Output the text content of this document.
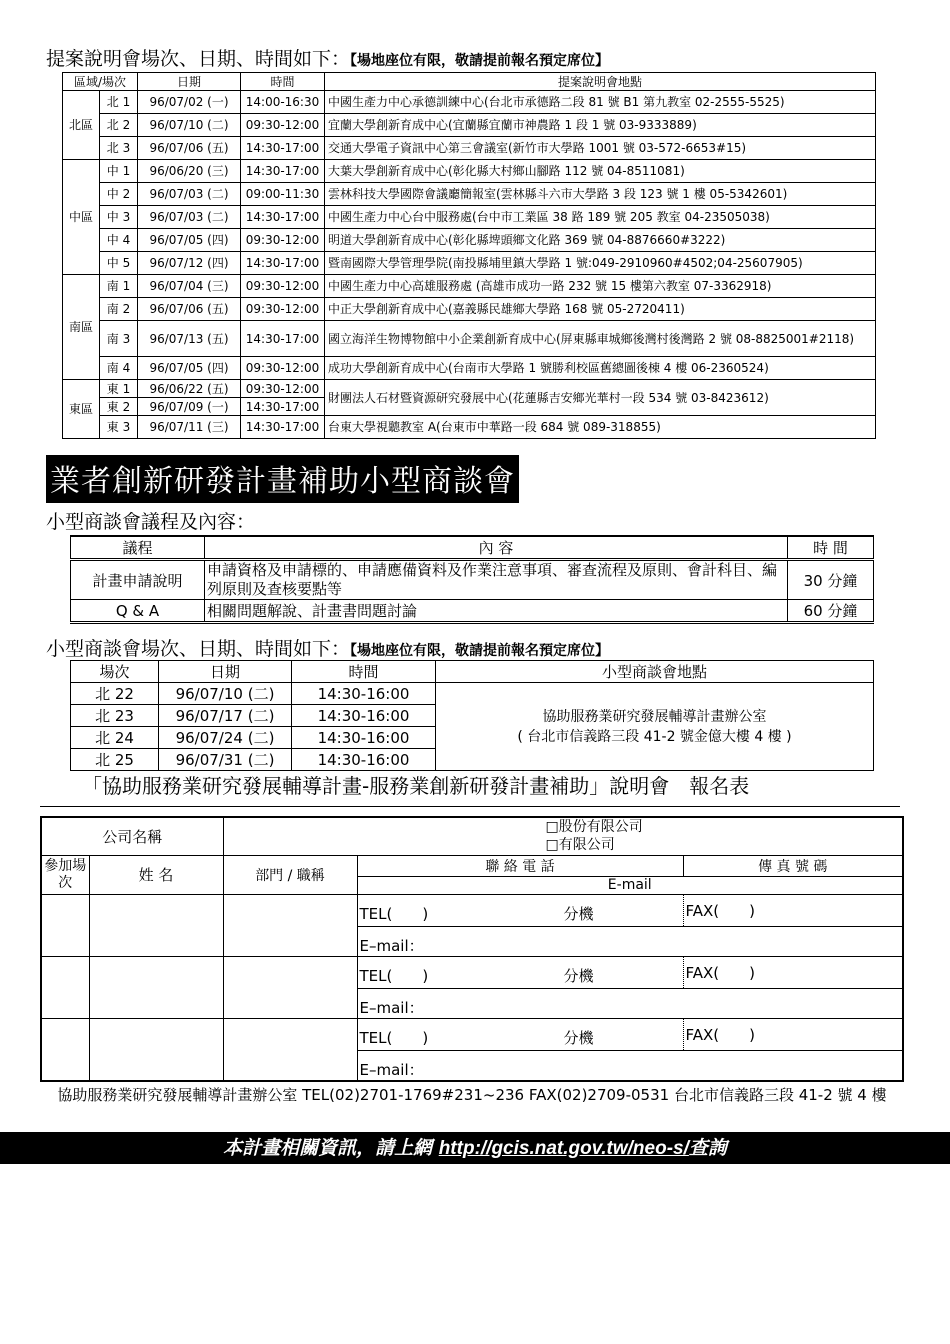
提案說明會場次、日期、時間如下：【場地座位有限，敬請提前報名預定席位】
區域/場次		日期	時間	提案說明會地點
北區	北 1	96/07/02 (一)	14:00-16:30	中國生產力中心承德訓練中心(台北市承德路二段 81 號 B1 第九教室 02-2555-5525)
	北 2	96/07/10 (二)	09:30-12:00	宜蘭大學創新育成中心(宜蘭縣宜蘭市神農路 1 段 1 號 03-9333889)
	北 3	96/07/06 (五)	14:30-17:00	交通大學電子資訊中心第三會議室(新竹市大學路 1001 號 03-572-6653#15)
中區	中 1	96/06/20 (三)	14:30-17:00	大葉大學創新育成中心(彰化縣大村鄉山腳路 112 號 04-8511081)
	中 2	96/07/03 (二)	09:00-11:30	雲林科技大學國際會議廳簡報室(雲林縣斗六市大學路 3 段 123 號 1 樓 05-5342601)
	中 3	96/07/03 (二)	14:30-17:00	中國生產力中心台中服務處(台中市工業區 38 路 189 號 205 教室 04-23505038)
	中 4	96/07/05 (四)	09:30-12:00	明道大學創新育成中心(彰化縣埤頭鄉文化路 369 號 04-8876660#3222)
	中 5	96/07/12 (四)	14:30-17:00	暨南國際大學管理學院(南投縣埔里鎮大學路 1 號:049-2910960#4502;04-25607905)
南區	南 1	96/07/04 (三)	09:30-12:00	中國生產力中心高雄服務處 (高雄市成功一路 232 號 15 樓第六教室 07-3362918)
	南 2	96/07/06 (五)	09:30-12:00	中正大學創新育成中心(嘉義縣民雄鄉大學路 168 號 05-2720411)
	南 3	96/07/13 (五)	14:30-17:00	國立海洋生物博物館中小企業創新育成中心(屏東縣車城鄉後灣村後灣路 2 號 08-8825001#2118)
	南 4	96/07/05 (四)	09:30-12:00	成功大學創新育成中心(台南市大學路 1 號勝利校區舊總圖後棟 4 樓 06-2360524)
東區	東 1	96/06/22 (五)	09:30-12:00	財團法人石材暨資源研究發展中心(花蓮縣吉安鄉光華村一段 534 號 03-8423612)
	東 2	96/07/09 (一)	14:30-17:00	
	東 3	96/07/11 (三)	14:30-17:00	台東大學視聽教室 A(台東市中華路一段 684 號 089-318855)
業者創新研發計畫補助小型商談會
小型商談會議程及內容：
議程	內 容	時 間
計畫申請說明	申請資格及申請標的、申請應備資料及作業注意事項、審查流程及原則、會計科目、編列原則及查核要點等	30 分鐘
Q & A	相關問題解說、計畫書問題討論	60 分鐘
小型商談會場次、日期、時間如下：【場地座位有限，敬請提前報名預定席位】
場次	日期	時間	小型商談會地點
北 22	96/07/10 (二)	14:30-16:00	協助服務業研究發展輔導計畫辦公室
( 台北市信義路三段 41-2 號金億大樓 4 樓 )

北 23	96/07/17 (二)	14:30-16:00	
北 24	96/07/24 (二)	14:30-16:00	
北 25	96/07/31 (二)	14:30-16:00	
「協助服務業研究發展輔導計畫-服務業創新研發計畫補助」說明會　報名表
公司名稱		□股份有限公司
□有限公司		

參加場次	姓 名	部門 / 職稱	聯 絡 電 話	傳 真 號 碼
			E-mail	

			TEL(　　) 分機	FAX(　　)
			E–mail：	

			TEL(　　) 分機	FAX(　　)
			E–mail：	

			TEL(　　) 分機	FAX(　　)
			E–mail：	
協助服務業研究發展輔導計畫辦公室 TEL(02)2701-1769#231~236 FAX(02)2709-0531 台北市信義路三段 41-2 號 4 樓
本計畫相關資訊，請上網 http://gcis.nat.gov.tw/neo-s/查詢
